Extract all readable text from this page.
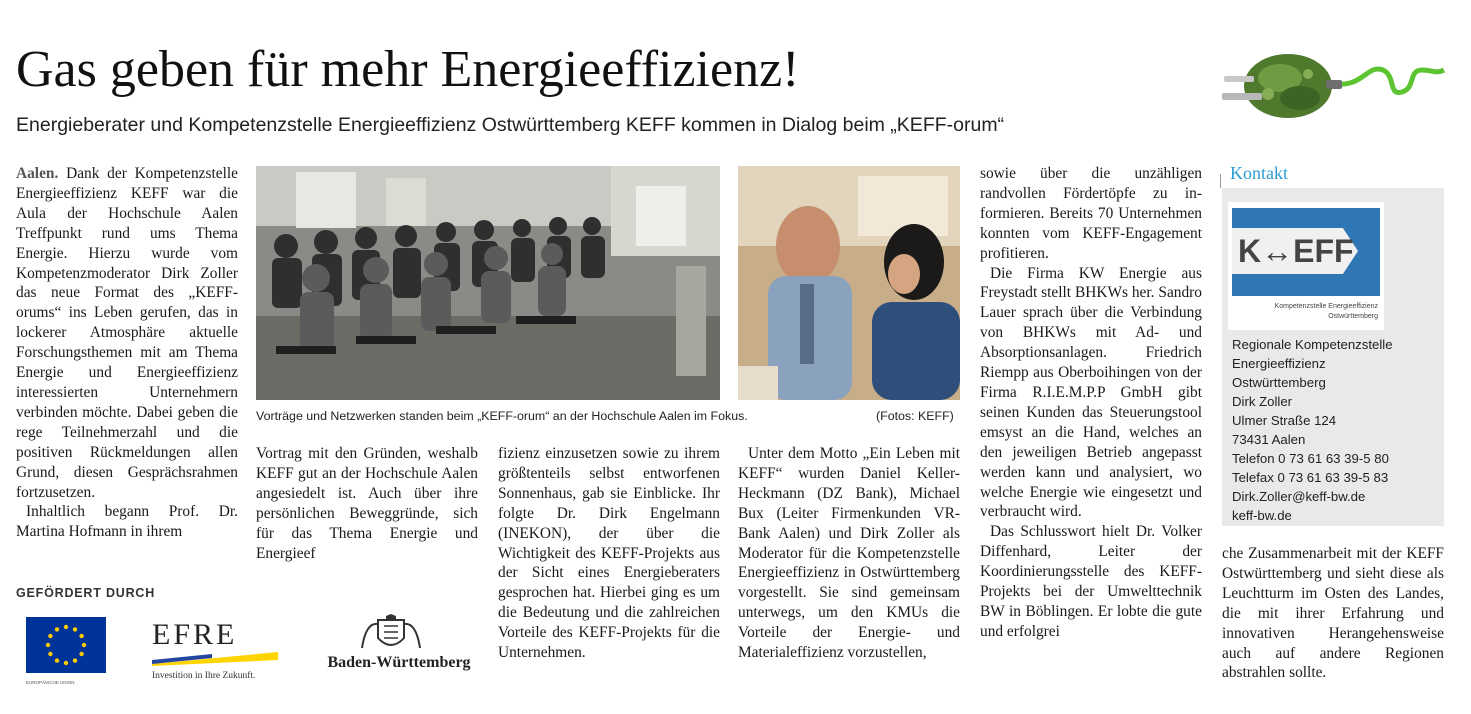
Gas geben für mehr Energieeffizienz!
Energieberater und Kompetenzstelle Energieeffizienz Ostwürttemberg KEFF kommen in Dialog beim „KEFF-orum“

Aalen. Dank der Kompetenzstelle Energieeffizienz KEFF war die Aula der Hochschule Aalen Treffpunkt rund ums Thema Energie. Hierzu wurde vom Kompetenzmoderator Dirk Zoller das neue Format des „KEFF-orums“ ins Leben gerufen, das in lockerer Atmosphäre aktuelle Forschungsthemen mit am Thema Energie und Energieeffizienz interessierten Unternehmern verbinden möchte. Dabei geben die rege Teilnehmerzahl und die positiven Rückmeldungen allen Grund, diesen Gesprächsrahmen fortzusetzen.

Inhaltlich begann Prof. Dr. Martina Hofmann in ihrem

Vorträge und Netzwerken standen beim „KEFF-orum“ an der Hochschule Aalen im Fokus.	(Fotos: KEFF)

Vortrag mit den Gründen, weshalb KEFF gut an der Hochschule Aalen angesiedelt ist. Auch über ihre persönlichen Beweggründe, sich für das Thema Energie und Energieef

fizienz einzusetzen sowie zu ihrem größtenteils selbst entworfenen Sonnenhaus, gab sie Einblicke. Ihr folgte Dr. Dirk Engelmann (INEKON), der über die Wichtigkeit des KEFF-Projekts aus der Sicht eines Energieberaters gesprochen hat. Hierbei ging es um die Bedeutung und die zahlreichen Vorteile des KEFF-Projekts für die Unternehmen.

Unter dem Motto „Ein Leben mit KEFF“ wurden Daniel Keller-Heckmann (DZ Bank), Michael Bux (Leiter Firmenkunden VR-Bank Aalen) und Dirk Zoller als Moderator für die Kompetenzstelle Energieeffizienz in Ostwürttemberg vorgestellt. Sie sind gemeinsam unterwegs, um den KMUs die Vorteile der Energie- und Materialeffizienz vorzustellen,

sowie über die unzähligen randvollen Fördertöpfe zu informieren. Bereits 70 Unternehmen konnten vom KEFF-Engagement profitieren.

Die Firma KW Energie aus Freystadt stellt BHKWs her. Sandro Lauer sprach über die Verbindung von BHKWs mit Ad- und Absorptionsanlagen. Friedrich Riempp aus Oberboihingen von der Firma R.I.E.M.P.P GmbH gibt seinen Kunden das Steuerungstool emsyst an die Hand, welches an den jeweiligen Betrieb angepasst werden kann und analysiert, wo welche Energie wie eingesetzt und verbraucht wird.

Das Schlusswort hielt Dr. Volker Diffenhard, Leiter der Koordinierungsstelle des KEFF-Projekts bei der Umwelttechnik BW in Böblingen. Er lobte die gute und erfolgrei

che Zusammenarbeit mit der KEFF Ostwürttemberg und sieht diese als Leuchtturm im Osten des Landes, die mit ihrer Erfahrung und innovativen Herangehensweise auch auf andere Regionen abstrahlen sollte.

GEFÖRDERT DURCH
EUROPÄISCHE UNION
EFRE
Investition in Ihre Zukunft.
Baden-Württemberg
Kontakt
K↔EFF
Kompetenzstelle Energieeffizienz
Ostwürttemberg
Regionale Kompetenzstelle
Energieeffizienz
Ostwürttemberg
Dirk Zoller
Ulmer Straße 124
73431 Aalen
Telefon 0 73 61 63 39-5 80
Telefax 0 73 61 63 39-5 83
Dirk.Zoller@keff-bw.de
keff-bw.de
